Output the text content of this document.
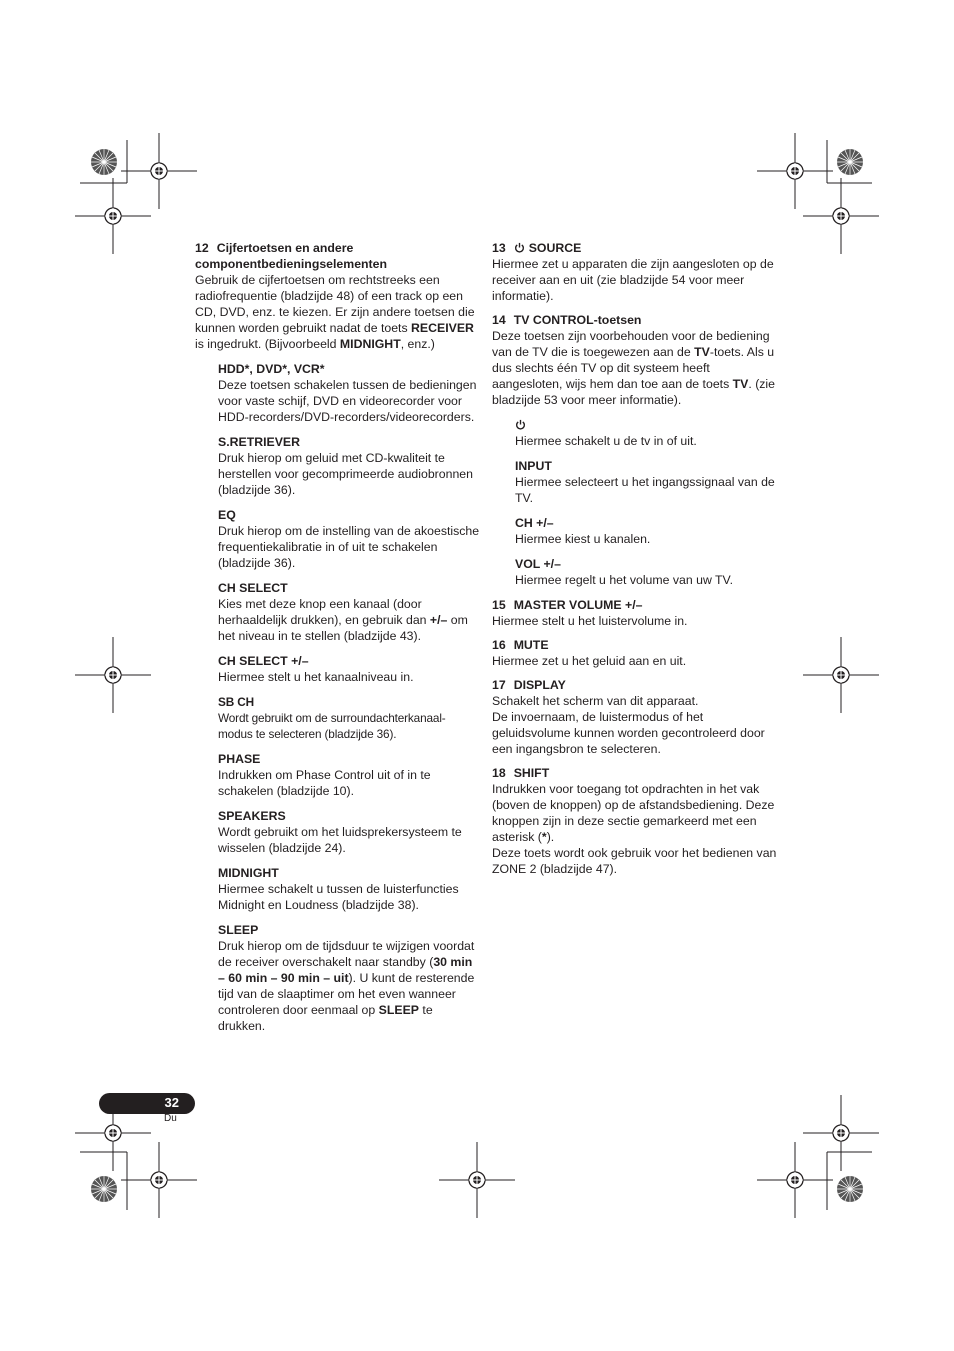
12 Cijfertoetsen en andere
componentbedieningselementen

Gebruik de cijfertoetsen om rechtstreeks een radiofrequentie (bladzijde 48) of een track op een CD, DVD, enz. te kiezen. Er zijn andere toetsen die kunnen worden gebruikt nadat de toets RECEIVER is ingedrukt. (Bijvoorbeeld MIDNIGHT, enz.)

HDD*, DVD*, VCR*

Deze toetsen schakelen tussen de bedieningen voor vaste schijf, DVD en videorecorder voor HDD-recorders/DVD-recorders/videorecorders.

S.RETRIEVER

Druk hierop om geluid met CD-kwaliteit te herstellen voor gecomprimeerde audiobronnen (bladzijde 36).

EQ

Druk hierop om de instelling van de akoestische frequentiekalibratie in of uit te schakelen (bladzijde 36).

CH SELECT

Kies met deze knop een kanaal (door herhaaldelijk drukken), en gebruik dan +/– om het niveau in te stellen (bladzijde 43).

CH SELECT +/–

Hiermee stelt u het kanaalniveau in.

SB CH

Wordt gebruikt om de surroundachterkanaal-modus te selecteren (bladzijde 36).

PHASE

Indrukken om Phase Control uit of in te schakelen (bladzijde 10).

SPEAKERS

Wordt gebruikt om het luidsprekersysteem te wisselen (bladzijde 24).

MIDNIGHT

Hiermee schakelt u tussen de luisterfuncties Midnight en Loudness (bladzijde 38).

SLEEP

Druk hierop om de tijdsduur te wijzigen voordat de receiver overschakelt naar standby (30 min – 60 min – 90 min – uit). U kunt de resterende tijd van de slaaptimer om het even wanneer controleren door eenmaal op SLEEP te drukken.

13 SOURCE

Hiermee zet u apparaten die zijn aangesloten op de receiver aan en uit (zie bladzijde 54 voor meer informatie).

14 TV CONTROL-toetsen

Deze toetsen zijn voorbehouden voor de bediening van de TV die is toegewezen aan de TV-toets. Als u dus slechts één TV op dit systeem heeft aangesloten, wijs hem dan toe aan de toets TV. (zie bladzijde 53 voor meer informatie).

Hiermee schakelt u de tv in of uit.

INPUT

Hiermee selecteert u het ingangssignaal van de TV.

CH +/–

Hiermee kiest u kanalen.

VOL +/–

Hiermee regelt u het volume van uw TV.

15 MASTER VOLUME +/–

Hiermee stelt u het luistervolume in.

16 MUTE

Hiermee zet u het geluid aan en uit.

17 DISPLAY

Schakelt het scherm van dit apparaat.

De invoernaam, de luistermodus of het geluidsvolume kunnen worden gecontroleerd door een ingangsbron te selecteren.

18 SHIFT

Indrukken voor toegang tot opdrachten in het vak (boven de knoppen) op de afstandsbediening. Deze knoppen zijn in deze sectie gemarkeerd met een asterisk (*).

Deze toets wordt ook gebruik voor het bedienen van ZONE 2 (bladzijde 47).

32
Du
